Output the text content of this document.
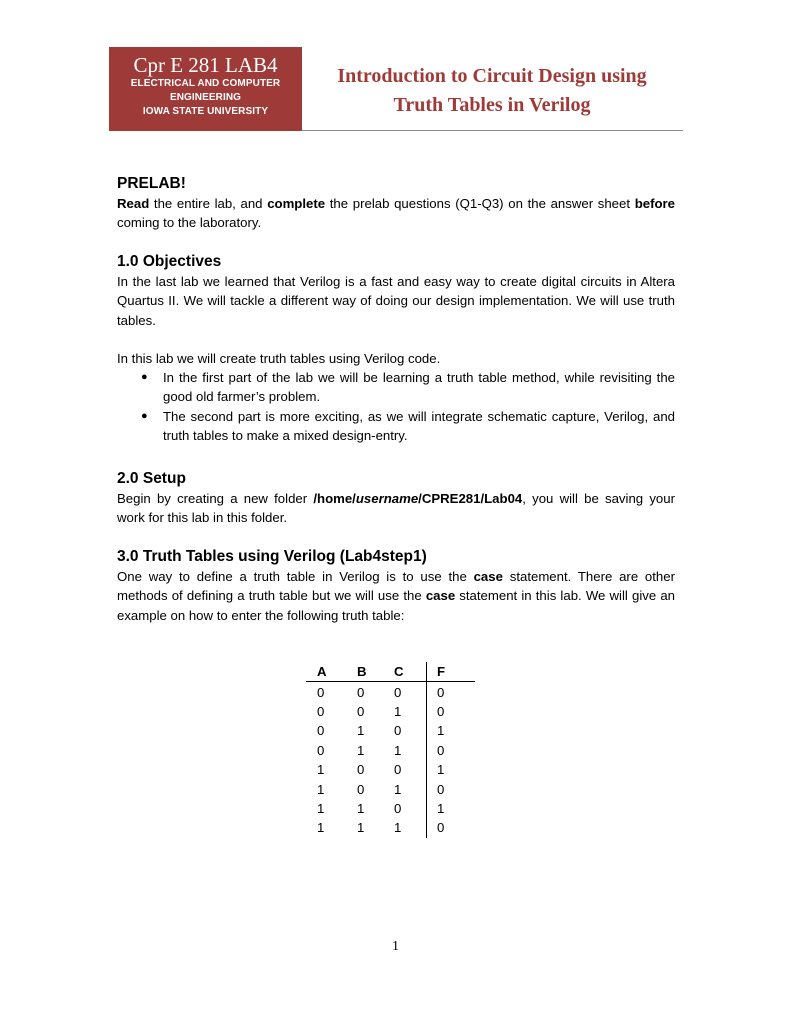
Cpr E 281 LAB4
ELECTRICAL AND COMPUTER
ENGINEERING
IOWA STATE UNIVERSITY
Introduction to Circuit Design using
Truth Tables in Verilog
PRELAB!

Read the entire lab, and complete the prelab questions (Q1-Q3) on the answer sheet before coming to the laboratory.

1.0 Objectives

In the last lab we learned that Verilog is a fast and easy way to create digital circuits in Altera Quartus II. We will tackle a different way of doing our design implementation. We will use truth tables.

In this lab we will create truth tables using Verilog code.

● In the first part of the lab we will be learning a truth table method, while revisiting the good old farmer’s problem.
● The second part is more exciting, as we will integrate schematic capture, Verilog, and truth tables to make a mixed design-entry.
2.0 Setup

Begin by creating a new folder /home/username/CPRE281/Lab04, you will be saving your work for this lab in this folder.

3.0 Truth Tables using Verilog (Lab4step1)

One way to define a truth table in Verilog is to use the case statement. There are other methods of defining a truth table but we will use the case statement in this lab. We will give an example on how to enter the following truth table:

A	B	C	F
0	0	0	0
0	0	1	0
0	1	0	1
0	1	1	0
1	0	0	1
1	0	1	0
1	1	0	1
1	1	1	0
1
